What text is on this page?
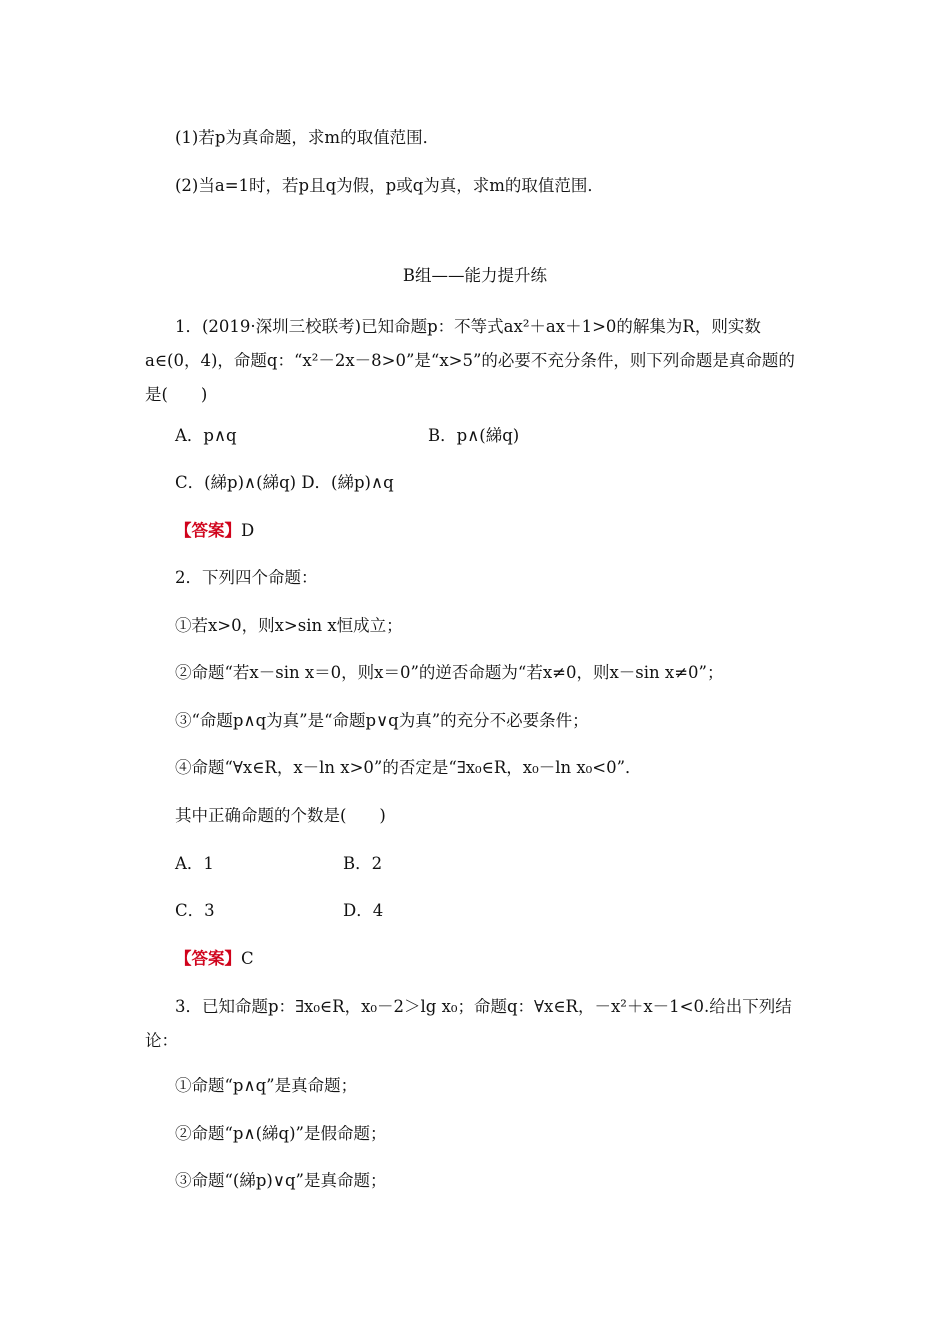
(1)若p为真命题，求m的取值范围．
(2)当a=1时，若p且q为假，p或q为真，求m的取值范围．
B组——能力提升练
1．(2019·深圳三校联考)已知命题p：不等式ax²＋ax＋1>0的解集为R，则实数a∈(0，4)，命题q：“x²－2x－8>0”是“x>5”的必要不充分条件，则下列命题是真命题的是(　　)
A．p∧q	B．p∧(綈q)
C．(綈p)∧(綈q) D．(綈p)∧q
【答案】D
2．下列四个命题：
①若x>0，则x>sin x恒成立；
②命题“若x－sin x＝0，则x＝0”的逆否命题为“若x≠0，则x－sin x≠0”；
③“命题p∧q为真”是“命题p∨q为真”的充分不必要条件；
④命题“∀x∈R，x－ln x>0”的否定是“∃x₀∈R，x₀－ln x₀<0”．
其中正确命题的个数是(　　)
A．1	B．2
C．3	D．4
【答案】C
3．已知命题p：∃x₀∈R，x₀－2＞lg x₀；命题q：∀x∈R，－x²＋x－1<0.给出下列结论：
①命题“p∧q”是真命题；
②命题“p∧(綈q)”是假命题；
③命题“(綈p)∨q”是真命题；
